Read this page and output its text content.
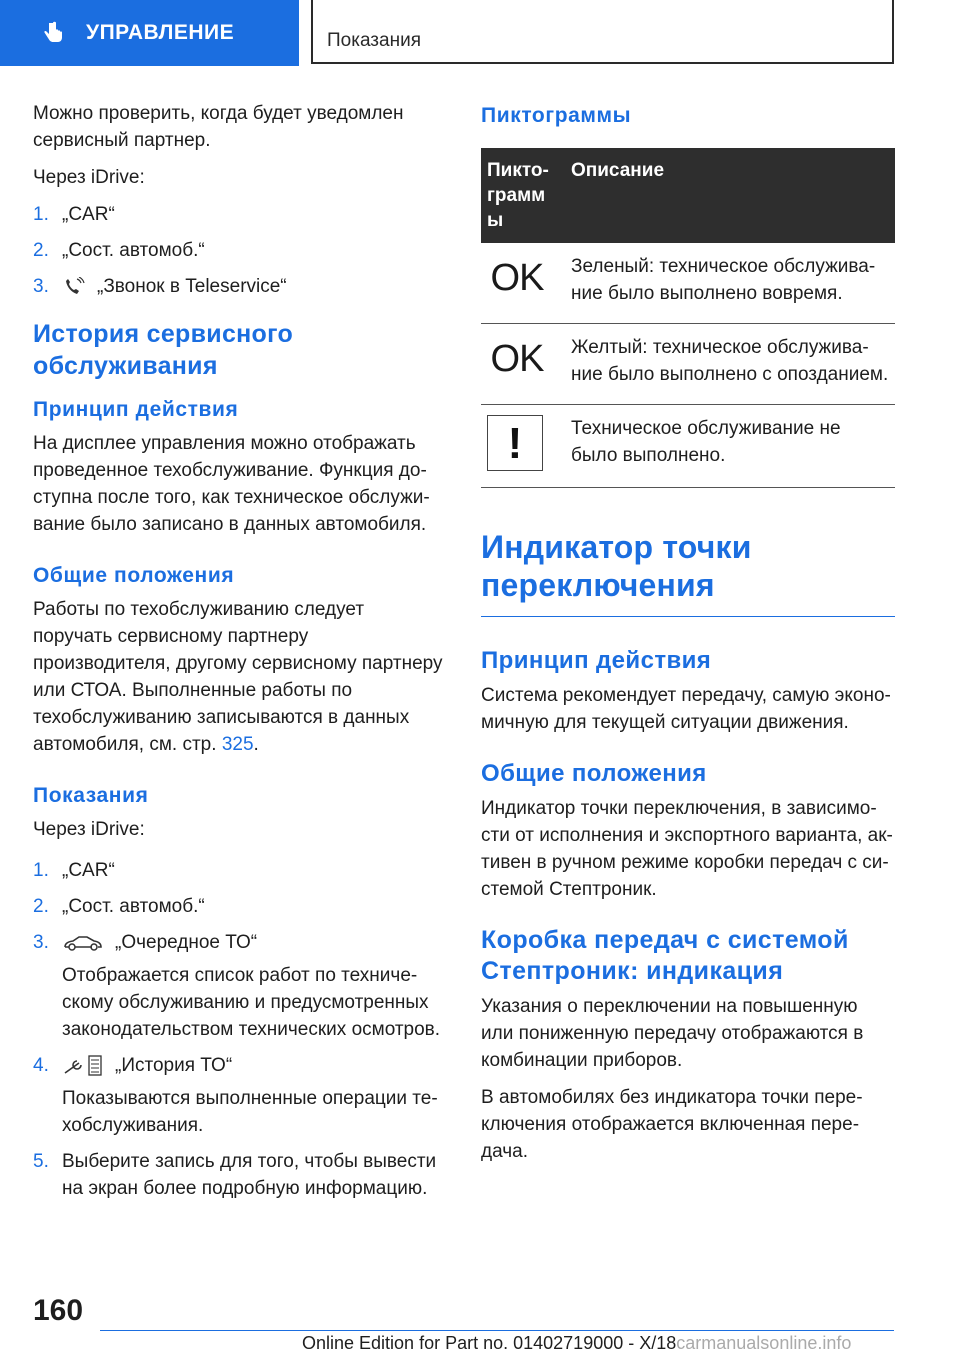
УПРАВЛЕНИЕ	Показания

Можно проверить, когда будет уведомлен сервисный партнер.

Через iDrive:

1. „CAR“
2. „Сост. автомоб.“
3.	„Звонок в Teleservice“
История сервисного обслуживания
Принцип действия

На дисплее управления можно отображать проведенное техобслуживание. Функция доступна после того, как техническое обслуживание было записано в данных автомобиля.

Общие положения

Работы по техобслуживанию следует поручать сервисному партнеру производителя, другому сервисному партнеру или СТОА. Выполненные работы по техобслуживанию записываются в данных автомобиля, см. стр. 325.

Показания

Через iDrive:

1. „CAR“
2. „Сост. автомоб.“
3.	„Очередное ТО“
Отображается список работ по техническому обслуживанию и предусмотренных законодательством технических осмотров.
4.	„История ТО“
Показываются выполненные операции техобслуживания.
5. Выберите запись для того, чтобы вывести на экран более подробную информацию.
Пиктограммы
Пиктограмм ы	Описание

OK	Зеленый: техническое обслуживание было выполнено вовремя.

OK	Желтый: техническое обслуживание было выполнено с опозданием.

!	Техническое обслуживание не было выполнено.
Индикатор точки переключения
Принцип действия

Система рекомендует передачу, самую экономичную для текущей ситуации движения.

Общие положения

Индикатор точки переключения, в зависимости от исполнения и экспортного варианта, активен в ручном режиме коробки передач с системой Стептроник.

Коробка передач с системой Стептроник: индикация

Указания о переключении на повышенную или пониженную передачу отображаются в комбинации приборов.

В автомобилях без индикатора точки переключения отображается включенная передача.

160
Online Edition for Part no. 01402719000 - X/18carmanualsonline.info
